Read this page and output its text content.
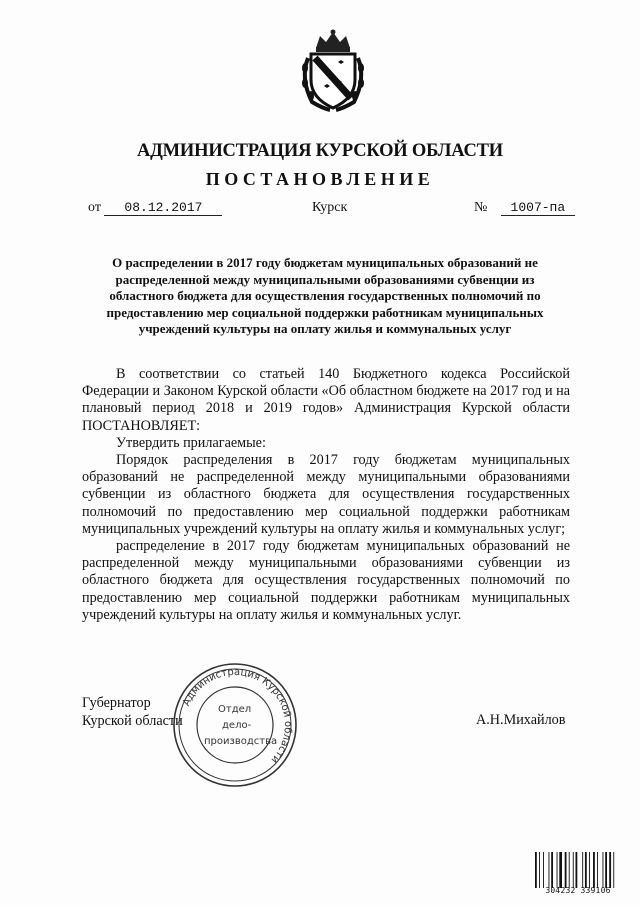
АДМИНИСТРАЦИЯ КУРСКОЙ ОБЛАСТИ
ПОСТАНОВЛЕНИЕ
от 08.12.2017	Курск	№ 1007-па
О распределении в 2017 году бюджетам муниципальных образований не
распределенной между муниципальными образованиями субвенции из
областного бюджета для осуществления государственных полномочий по
предоставлению мер социальной поддержки работникам муниципальных
учреждений культуры на оплату жилья и коммунальных услуг

В соответствии со статьей 140 Бюджетного кодекса Российской Федерации и Законом Курской области «Об областном бюджете на 2017 год и на плановый период 2018 и 2019 годов» Администрация Курской области ПОСТАНОВЛЯЕТ:

Утвердить прилагаемые:

Порядок распределения в 2017 году бюджетам муниципальных образований не распределенной между муниципальными образованиями субвенции из областного бюджета для осуществления государственных полномочий по предоставлению мер социальной поддержки работникам муниципальных учреждений культуры на оплату жилья и коммунальных услуг;

распределение в 2017 году бюджетам муниципальных образований не распределенной между муниципальными образованиями субвенции из областного бюджета для осуществления государственных полномочий по предоставлению мер социальной поддержки работникам муниципальных учреждений культуры на оплату жилья и коммунальных услуг.

Губернатор
Курской области	А.Н.Михайлов
Администрация Курской области
Отдел
дело-
производства
304232 339106
